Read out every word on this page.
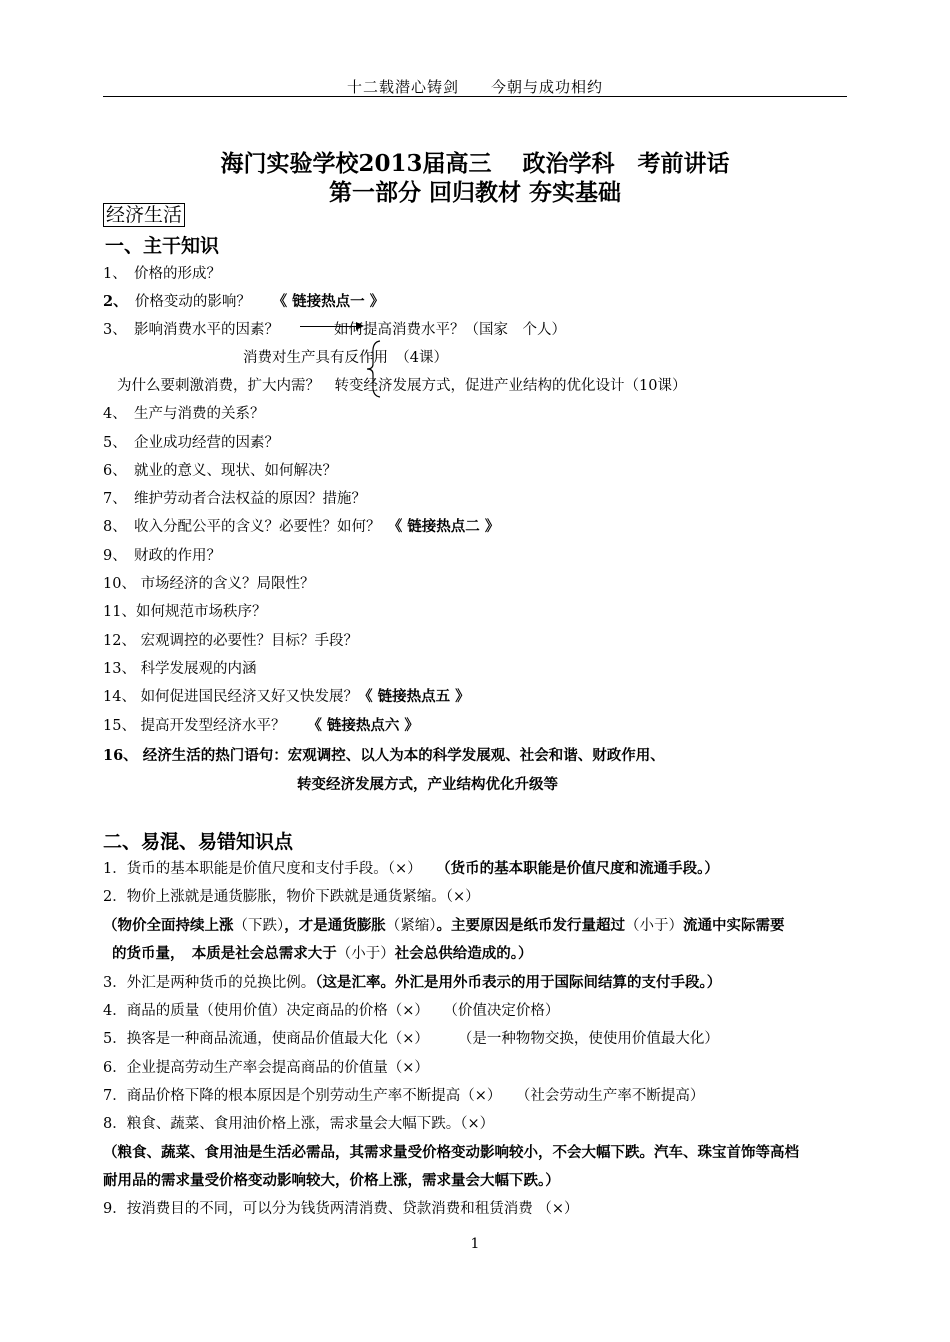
十二载潜心铸剑　　今朝与成功相约
海门实验学校2013届高三　 政治学科　考前讲话
第一部分 回归教材 夯实基础
经济生活
一、主干知识
1、　 价格的形成？
2、　 价格变动的影响？　　 《 链接热点一 》
3、　 影响消费水平的因素？	如何提高消费水平？（国家　个人）
消费对生产具有反作用　（4课）
为什么要刺激消费，扩大内需？　 转变经济发展方式，促进产业结构的优化设计（10课）
4、　 生产与消费的关系？
5、　 企业成功经营的因素？
6、　 就业的意义、现状、如何解决？
7、　 维护劳动者合法权益的原因？措施？
8、　 收入分配公平的含义？必要性？如何？　 《 链接热点二 》
9、　 财政的作用？
10、 市场经济的含义？局限性？
11、如何规范市场秩序？
12、 宏观调控的必要性？目标？手段？
13、 科学发展观的内涵
14、 如何促进国民经济又好又快发展？《 链接热点五 》
15、 提高开发型经济水平？　　 《 链接热点六 》
16、 经济生活的热门语句：宏观调控、以人为本的科学发展观、社会和谐、财政作用、
转变经济发展方式，产业结构优化升级等
二、易混、易错知识点
1．货币的基本职能是价值尺度和支付手段。（×）　　 （货币的基本职能是价值尺度和流通手段。）
2．物价上涨就是通货膨胀，物价下跌就是通货紧缩。（×）
（物价全面持续上涨（下跌），才是通货膨胀（紧缩）。主要原因是纸币发行量超过（小于）流通中实际需要
的货币量，　本质是社会总需求大于（小于）社会总供给造成的。）
3．外汇是两种货币的兑换比例。（这是汇率。外汇是用外币表示的用于国际间结算的支付手段。）
4．商品的质量（使用价值）决定商品的价格（×）　　（价值决定价格）
5．换客是一种商品流通，使商品价值最大化（×）　　　（是一种物物交换，使使用价值最大化）
6．企业提高劳动生产率会提高商品的价值量（×）
7．商品价格下降的根本原因是个别劳动生产率不断提高（×）　　（社会劳动生产率不断提高）
8．粮食、蔬菜、食用油价格上涨，需求量会大幅下跌。（×）
（粮食、蔬菜、食用油是生活必需品，其需求量受价格变动影响较小，不会大幅下跌。汽车、珠宝首饰等高档
耐用品的需求量受价格变动影响较大，价格上涨，需求量会大幅下跌。）
9．按消费目的不同，可以分为钱货两清消费、贷款消费和租赁消费 （×）
1
